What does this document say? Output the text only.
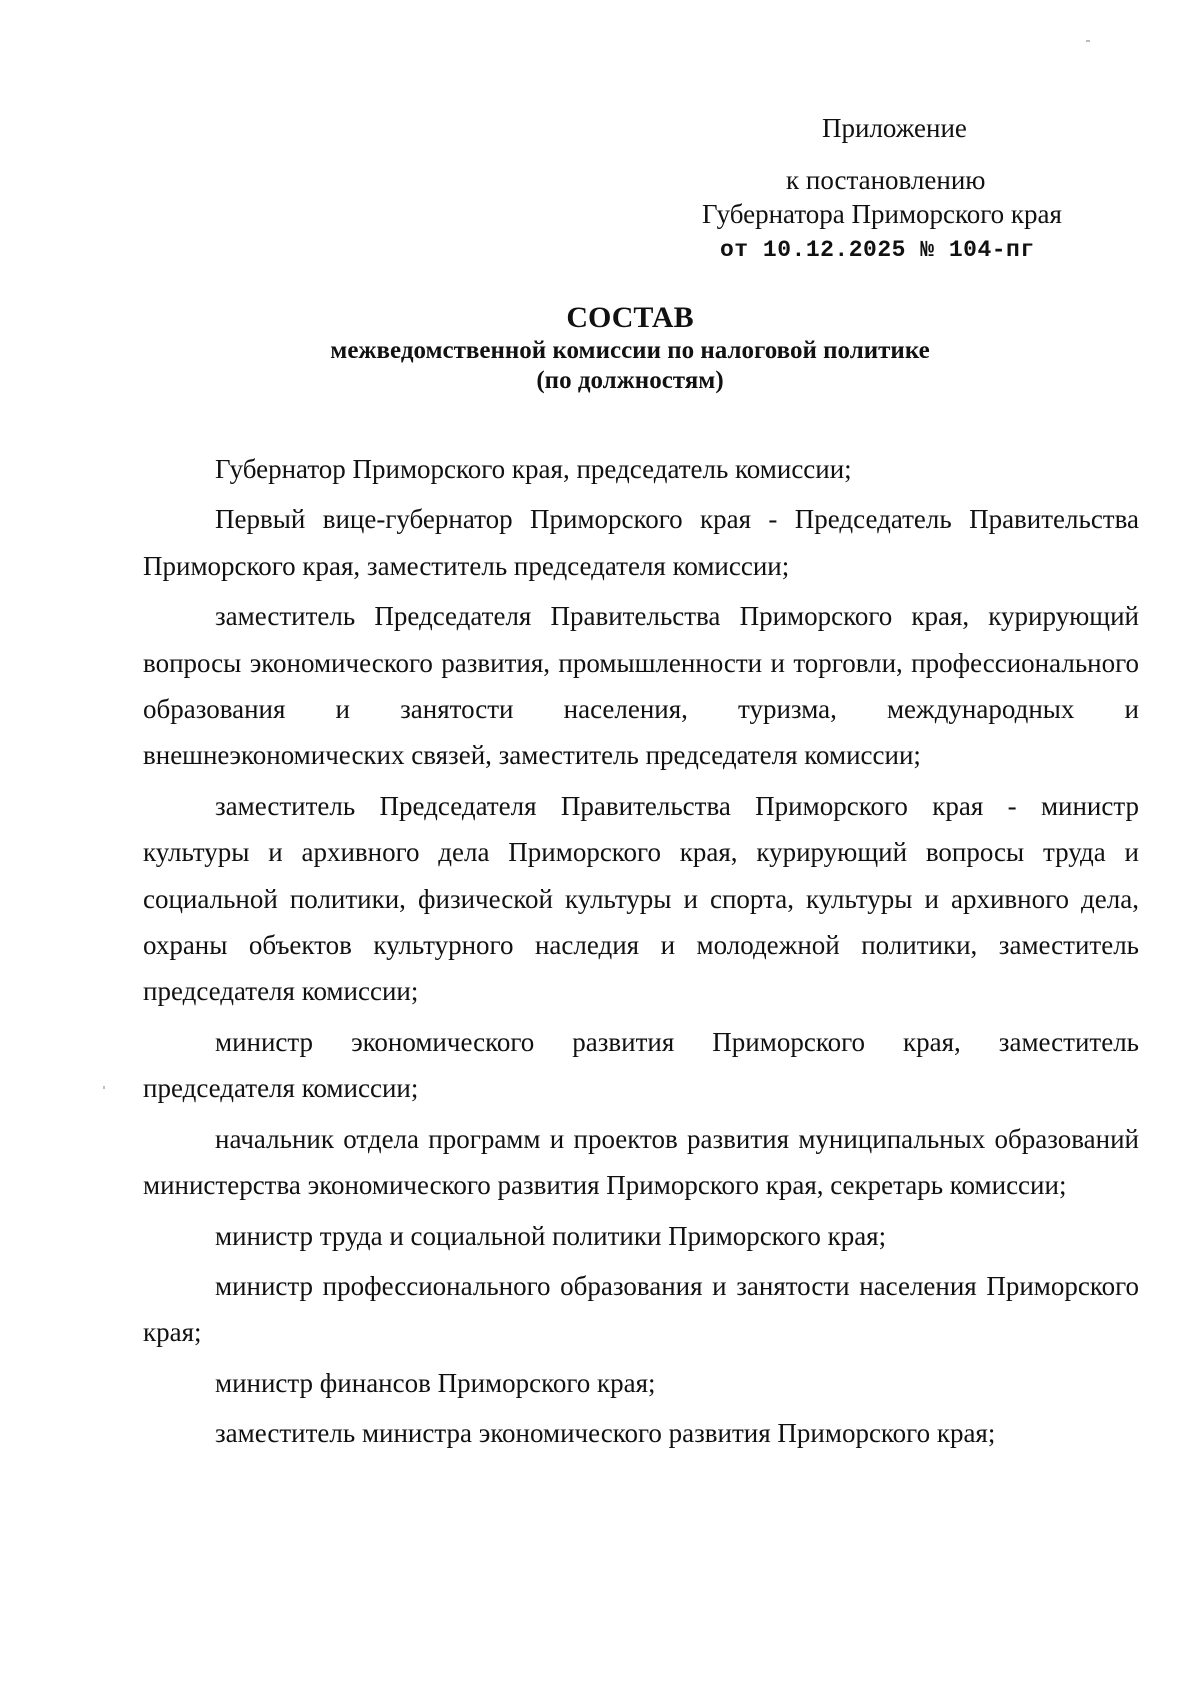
Приложение
к постановлению
Губернатора Приморского края
от 10.12.2025 № 104-пг
СОСТАВ
межведомственной комиссии по налоговой политике
(по должностям)

Губернатор Приморского края, председатель комиссии;

Первый вице-губернатор Приморского края - Председатель Правительства Приморского края, заместитель председателя комиссии;

заместитель Председателя Правительства Приморского края, курирующий вопросы экономического развития, промышленности и торговли, профессионального образования и занятости населения, туризма, международных и внешнеэкономических связей, заместитель председателя комиссии;

заместитель Председателя Правительства Приморского края - министр культуры и архивного дела Приморского края, курирующий вопросы труда и социальной политики, физической культуры и спорта, культуры и архивного дела, охраны объектов культурного наследия и молодежной политики, заместитель председателя комиссии;

министр экономического развития Приморского края, заместитель председателя комиссии;

начальник отдела программ и проектов развития муниципальных образований министерства экономического развития Приморского края, секретарь комиссии;

министр труда и социальной политики Приморского края;

министр профессионального образования и занятости населения Приморского края;

министр финансов Приморского края;

заместитель министра экономического развития Приморского края;
